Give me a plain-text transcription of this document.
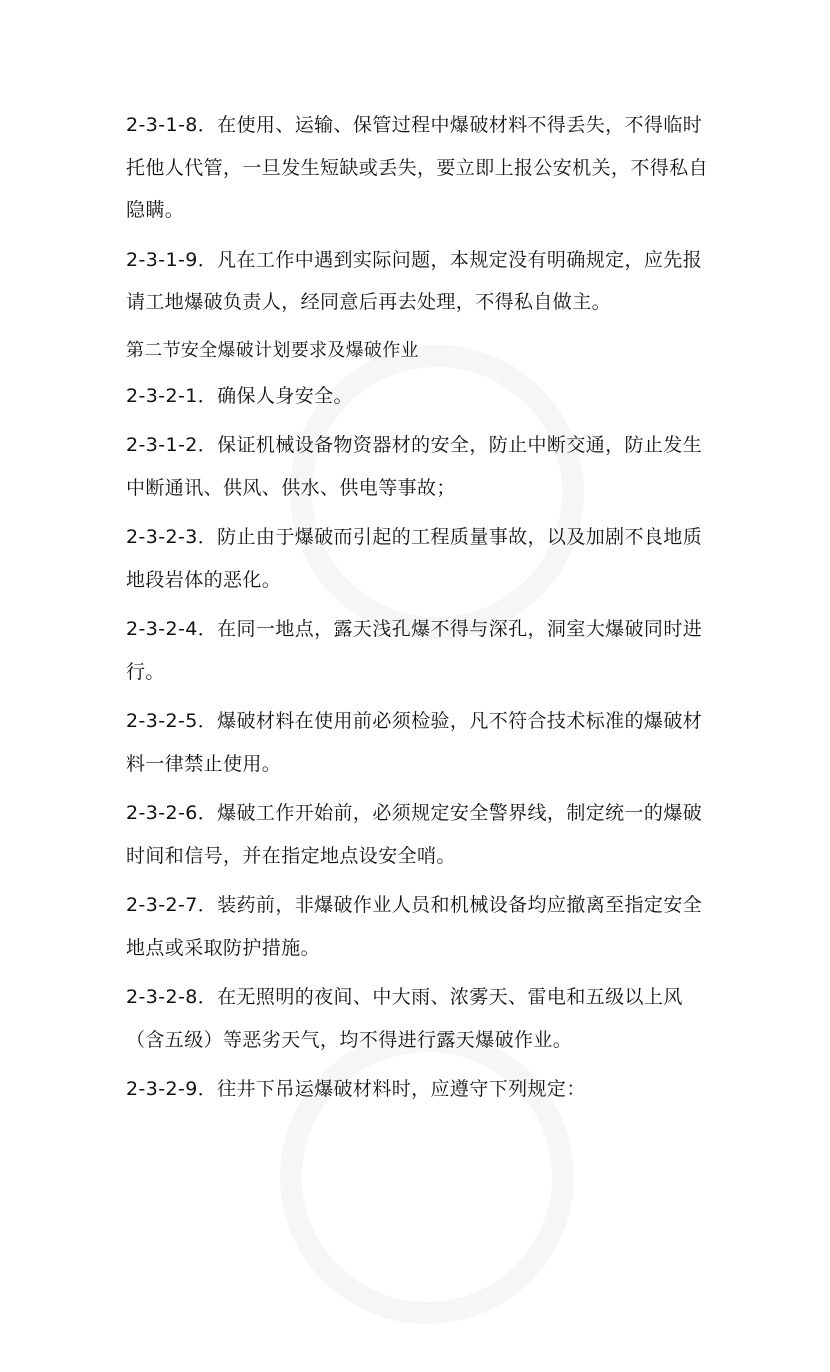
2-3-1-8．在使用、运输、保管过程中爆破材料不得丢失，不得临时托他人代管，一旦发生短缺或丢失，要立即上报公安机关，不得私自隐瞒。

2-3-1-9．凡在工作中遇到实际问题，本规定没有明确规定，应先报请工地爆破负责人，经同意后再去处理，不得私自做主。

第二节安全爆破计划要求及爆破作业

2-3-2-1．确保人身安全。

2-3-1-2．保证机械设备物资器材的安全，防止中断交通，防止发生中断通讯、供风、供水、供电等事故；

2-3-2-3．防止由于爆破而引起的工程质量事故，以及加剧不良地质地段岩体的恶化。

2-3-2-4．在同一地点，露天浅孔爆不得与深孔，洞室大爆破同时进行。

2-3-2-5．爆破材料在使用前必须检验，凡不符合技术标准的爆破材料一律禁止使用。

2-3-2-6．爆破工作开始前，必须规定安全警界线，制定统一的爆破时间和信号，并在指定地点设安全哨。

2-3-2-7．装药前，非爆破作业人员和机械设备均应撤离至指定安全地点或采取防护措施。

2-3-2-8．在无照明的夜间、中大雨、浓雾天、雷电和五级以上风（含五级）等恶劣天气，均不得进行露天爆破作业。

2-3-2-9．往井下吊运爆破材料时，应遵守下列规定：
